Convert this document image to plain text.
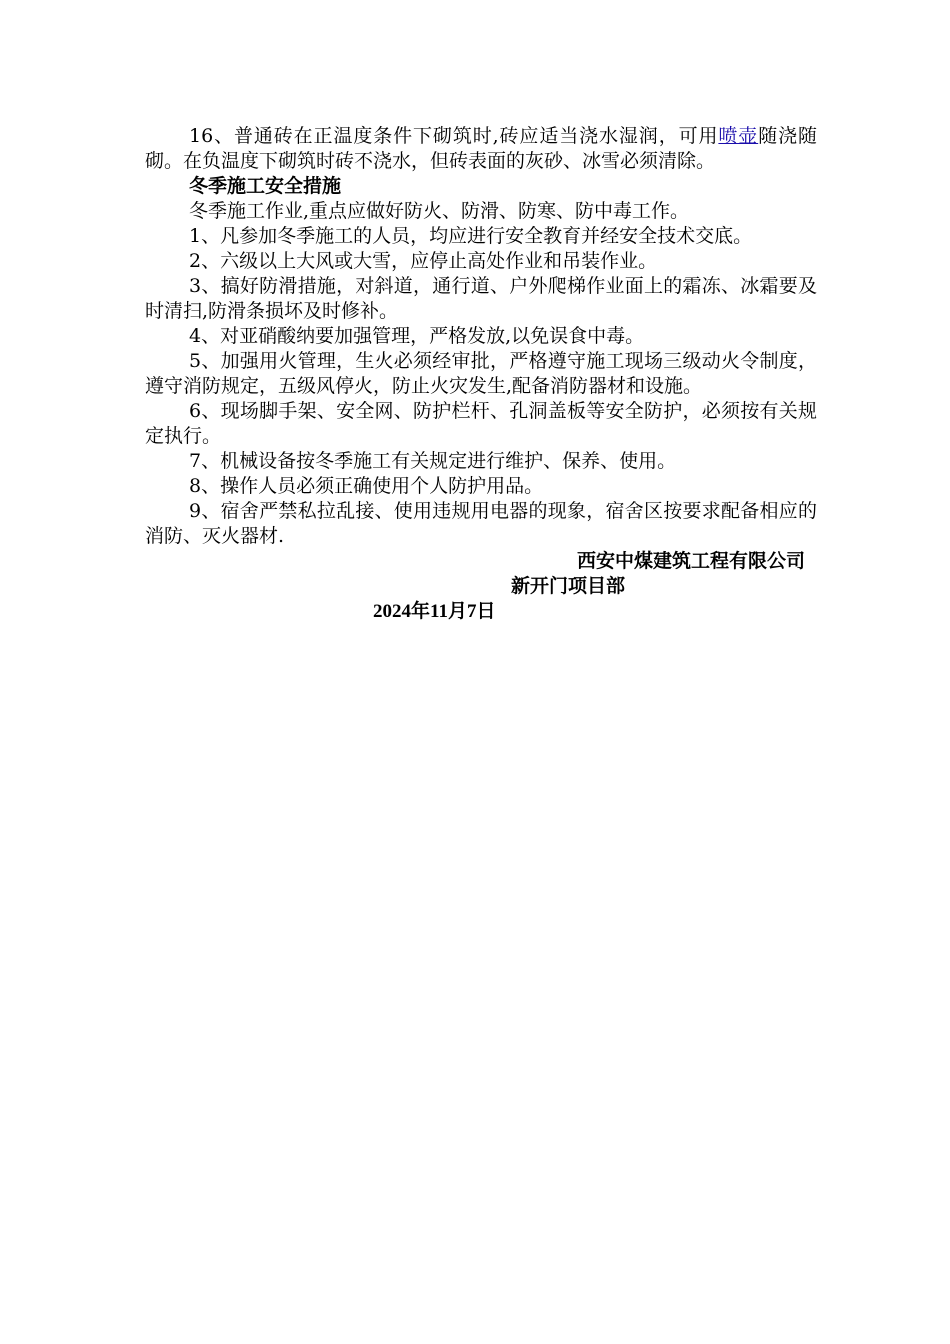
16、普通砖在正温度条件下砌筑时,砖应适当浇水湿润，可用喷壶随浇随砌。在负温度下砌筑时砖不浇水，但砖表面的灰砂、冰雪必须清除。

冬季施工安全措施

冬季施工作业,重点应做好防火、防滑、防寒、防中毒工作。

1、凡参加冬季施工的人员，均应进行安全教育并经安全技术交底。

2、六级以上大风或大雪，应停止高处作业和吊装作业。

3、搞好防滑措施，对斜道，通行道、户外爬梯作业面上的霜冻、冰霜要及时清扫,防滑条损坏及时修补。

4、对亚硝酸纳要加强管理，严格发放,以免误食中毒。

5、加强用火管理，生火必须经审批，严格遵守施工现场三级动火令制度，遵守消防规定，五级风停火，防止火灾发生,配备消防器材和设施。

6、现场脚手架、安全网、防护栏杆、孔洞盖板等安全防护，必须按有关规定执行。

7、机械设备按冬季施工有关规定进行维护、保养、使用。

8、操作人员必须正确使用个人防护用品。

9、宿舍严禁私拉乱接、使用违规用电器的现象，宿舍区按要求配备相应的消防、灭火器材.

西安中煤建筑工程有限公司

新开门项目部

2024年11月7日
